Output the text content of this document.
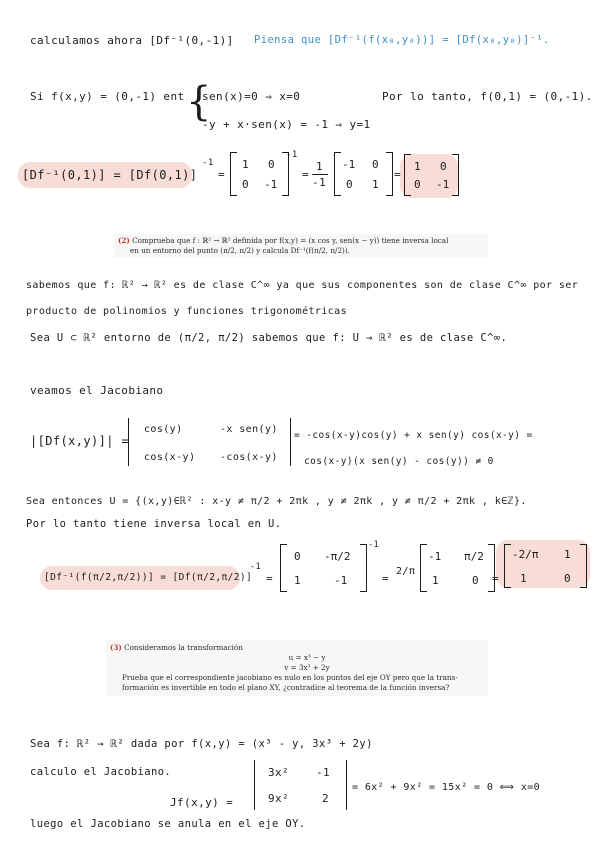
calculamos ahora [Df⁻¹(0,-1)] Piensa que [Df⁻¹(f(x₀,y₀))] = [Df(x₀,y₀)]⁻¹.
Si f(x,y) = (0,-1) ent {
sen(x)=0 ⇒ x=0
-y + x·sen(x) = -1 ⇒ y=1
Por lo tanto, f(0,1) = (0,-1).
[Df⁻¹(0,1)] = [Df(0,1)]
-1
=
1 0
0 -1
-1
=
1
-1
-1 0
0 1
=
1 0
0 -1
(2) Comprueba que f : ℝ² → ℝ² definida por f(x,y) = (x cos y, sen(x − y)) tiene inversa local
en un entorno del punto (π/2, π/2) y calcula Df⁻¹(f(π/2, π/2)).
sabemos que f: ℝ² → ℝ² es de clase C^∞ ya que sus componentes son de clase C^∞ por ser
producto de polinomios y funciones trigonométricas
Sea U ⊂ ℝ² entorno de (π/2, π/2) sabemos que f: U → ℝ² es de clase C^∞.
veamos el Jacobiano
|[Df(x,y)]| =
cos(y)	-x sen(y)
cos(x-y) -cos(x-y)
= -cos(x-y)cos(y) + x sen(y) cos(x-y) =
cos(x-y)(x sen(y) - cos(y)) ≠ 0
Sea entonces U = {(x,y)∈ℝ² : x-y ≠ π/2 + 2πk , y ≠ 2πk , y ≠ π/2 + 2πk , k∈ℤ}.
Por lo tanto tiene inversa local en U.
[Df⁻¹(f(π/2,π/2))] = [Df(π/2,π/2)]
-1
=
0 -π/2
1	-1
-1
=
2/π
-1 π/2
1	0 =
-2/π 1
1	0
(3) Consideramos la transformación
u = x³ − y
v = 3x³ + 2y
Prueba que el correspondiente jacobiano es nulo en los puntos del eje OY pero que la trans-
formación es invertible en todo el plano XY, ¿contradice al teorema de la función inversa?
Sea f: ℝ² → ℝ² dada por f(x,y) = (x³ - y, 3x³ + 2y)
calculo el Jacobiano.
Jf(x,y) =
3x² -1
9x²	2
= 6x² + 9x² = 15x² = 0 ⟺ x=0
luego el Jacobiano se anula en el eje OY.
